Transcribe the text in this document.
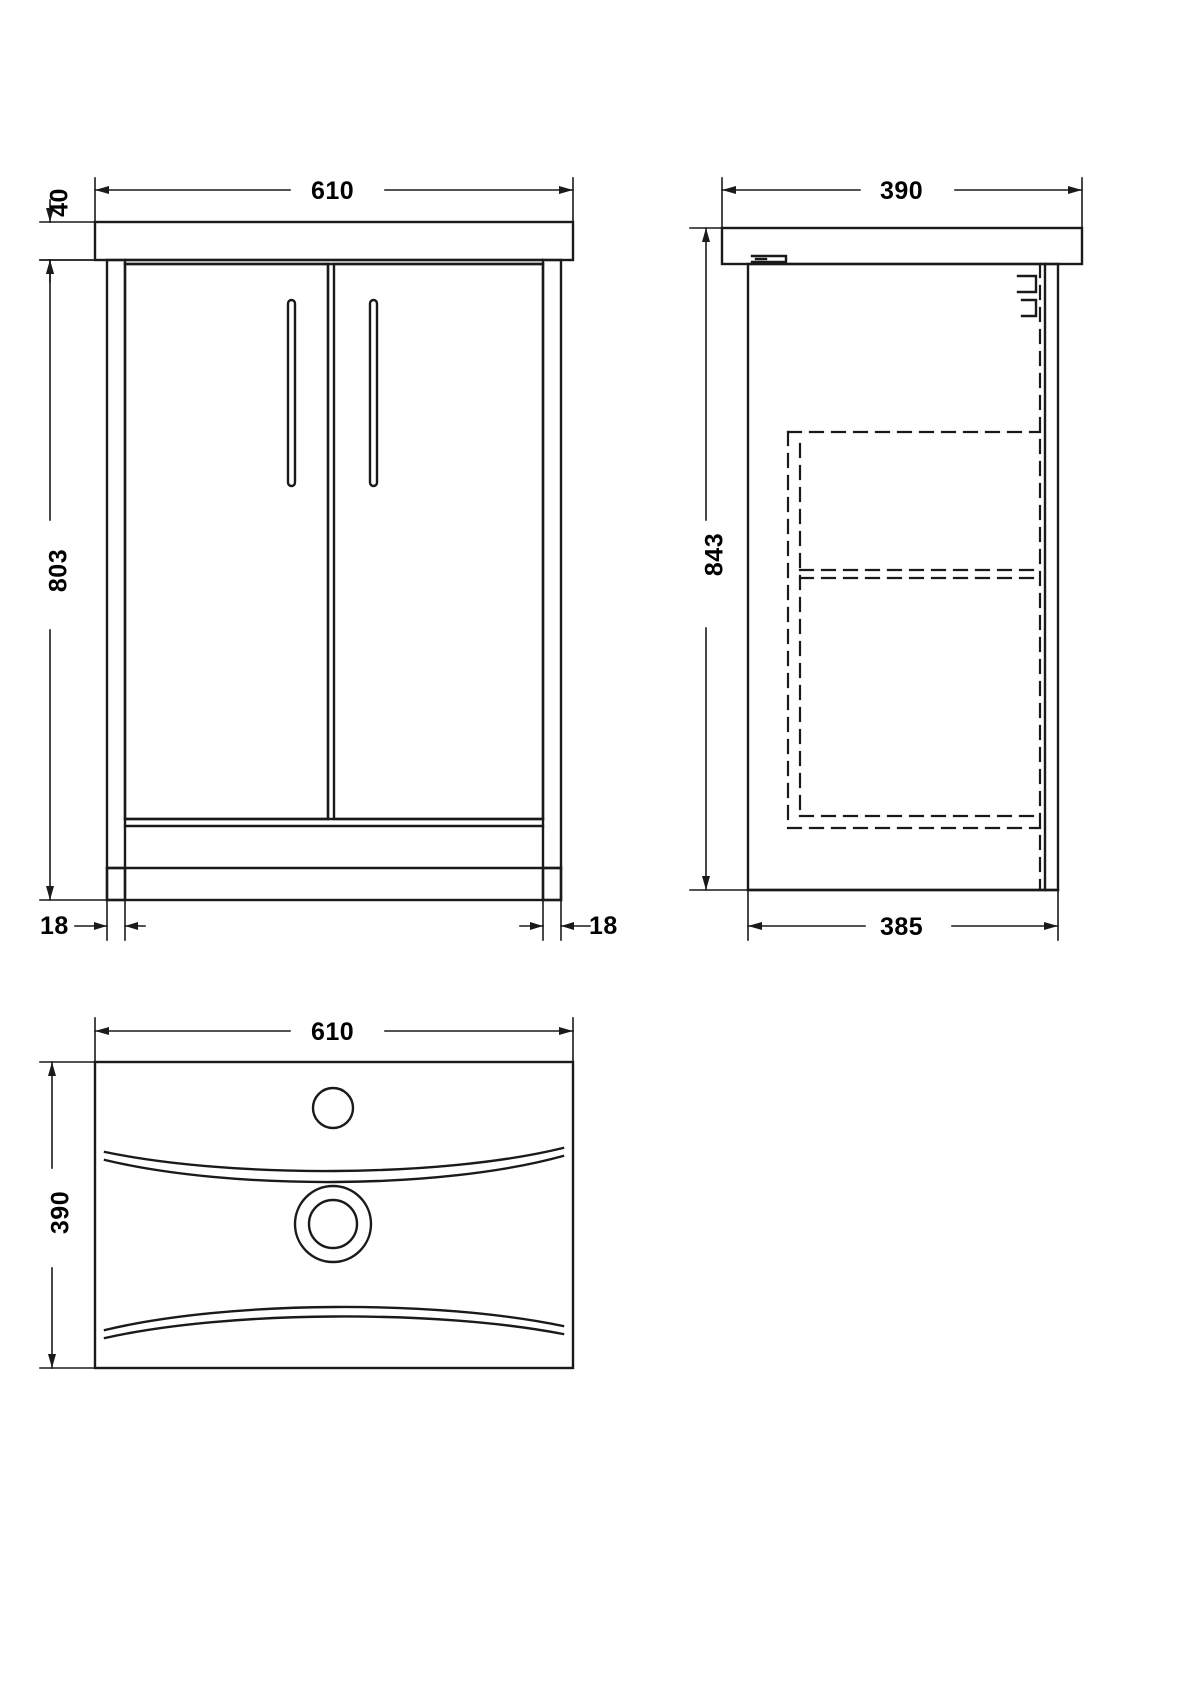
610
40
803
18	18
390
843
385
610
390
